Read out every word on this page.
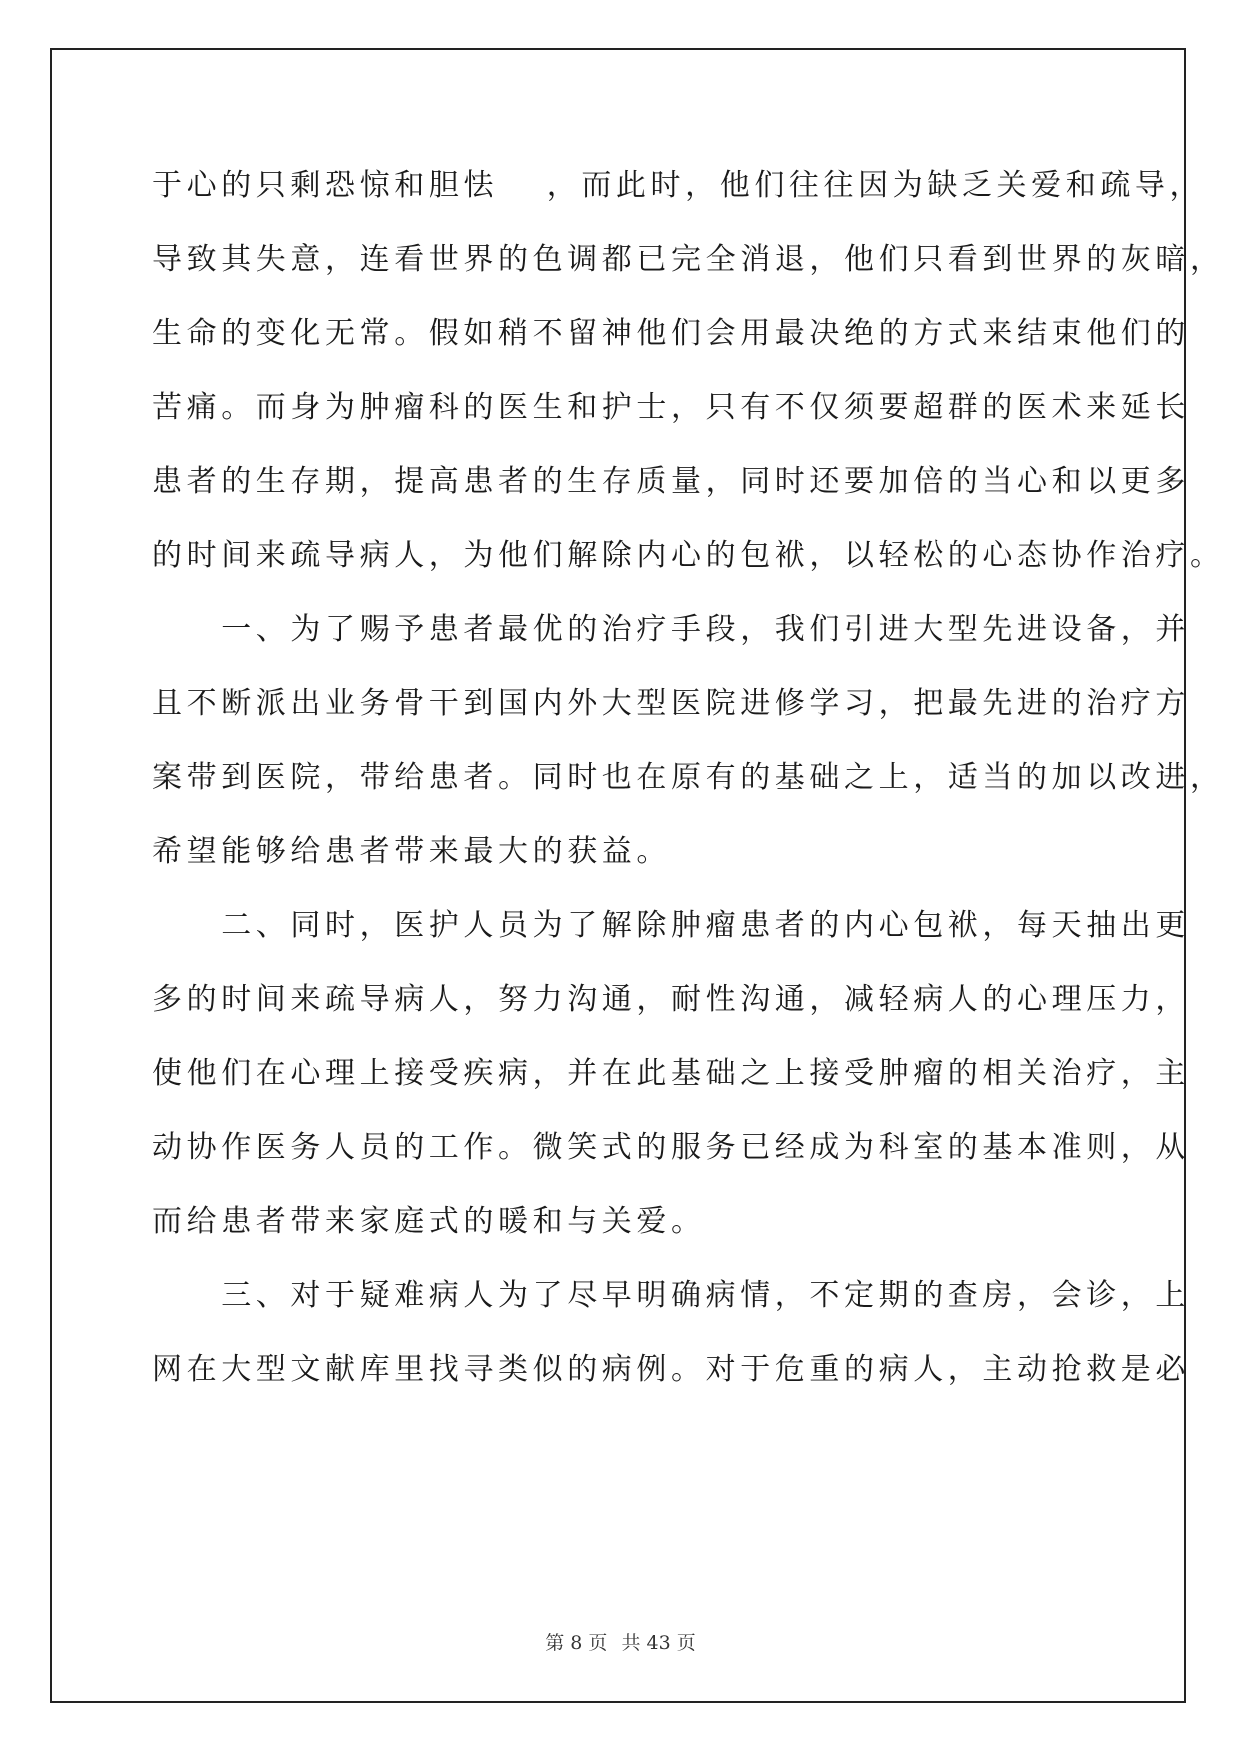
于心的只剩恐惊和胆怯　 ，而此时，他们往往因为缺乏关爱和疏导，
导致其失意，连看世界的色调都已完全消退，他们只看到世界的灰暗，
生命的变化无常。假如稍不留神他们会用最决绝的方式来结束他们的
苦痛。而身为肿瘤科的医生和护士，只有不仅须要超群的医术来延长
患者的生存期，提高患者的生存质量，同时还要加倍的当心和以更多
的时间来疏导病人，为他们解除内心的包袱，以轻松的心态协作治疗。
　　一、为了赐予患者最优的治疗手段，我们引进大型先进设备，并
且不断派出业务骨干到国内外大型医院进修学习，把最先进的治疗方
案带到医院，带给患者。同时也在原有的基础之上，适当的加以改进，
希望能够给患者带来最大的获益。
　　二、同时，医护人员为了解除肿瘤患者的内心包袱，每天抽出更
多的时间来疏导病人，努力沟通，耐性沟通，减轻病人的心理压力，
使他们在心理上接受疾病，并在此基础之上接受肿瘤的相关治疗，主
动协作医务人员的工作。微笑式的服务已经成为科室的基本准则，从
而给患者带来家庭式的暖和与关爱。
　　三、对于疑难病人为了尽早明确病情，不定期的查房，会诊，上
网在大型文献库里找寻类似的病例。对于危重的病人，主动抢救是必
第 8 页 共 43 页
